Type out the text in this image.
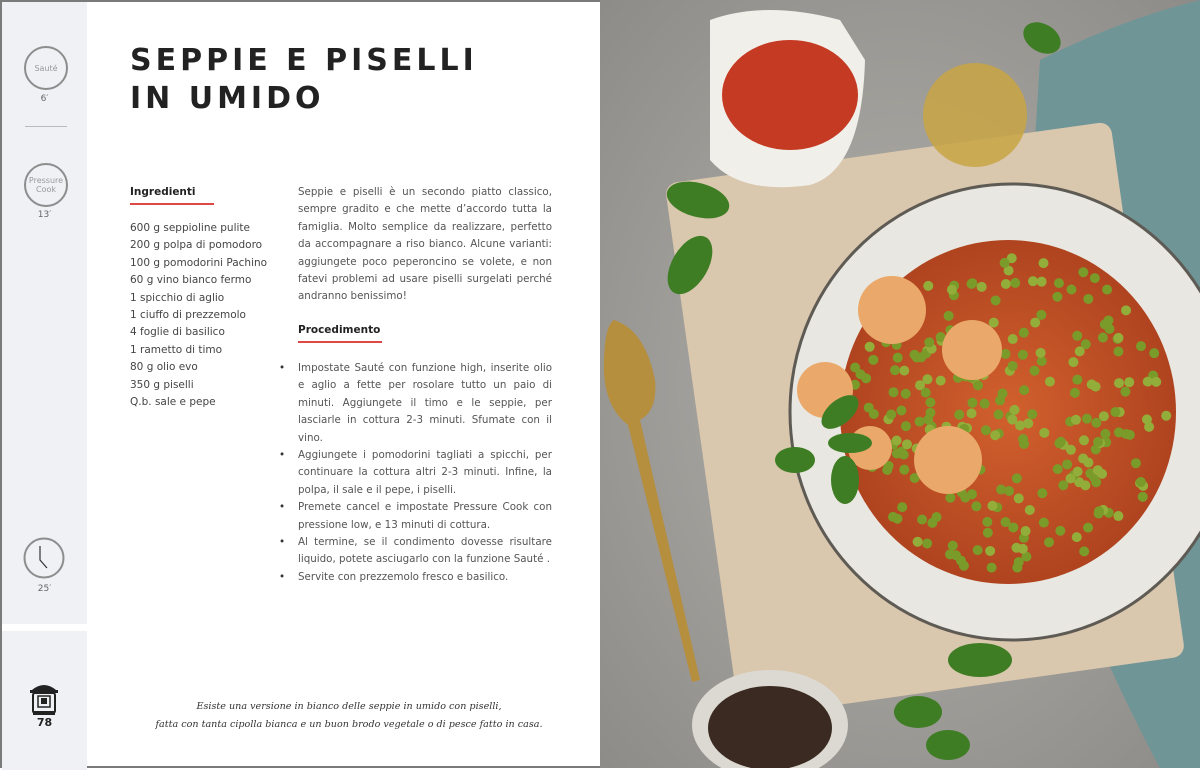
Sauté
6′
Pressure Cook
13′
25′
78
SEPPIE E PISELLI
IN UMIDO
Ingredienti
600 g seppioline pulite
200 g polpa di pomodoro
100 g pomodorini Pachino
60 g vino bianco fermo
1 spicchio di aglio
1 ciuffo di prezzemolo
4 foglie di basilico
1 rametto di timo
80 g olio evo
350 g piselli
Q.b. sale e pepe

Seppie e piselli è un secondo piatto classico, sempre gradito e che mette d’accordo tutta la famiglia. Molto semplice da realizzare, perfetto da accompagnare a riso bianco. Alcune varianti: aggiungete poco peperoncino se volete, e non fatevi problemi ad usare piselli surgelati perché andranno benissimo!

Procedimento
• Impostate Sauté con funzione high, inserite olio e aglio a fette per rosolare tutto un paio di minuti. Aggiungete il timo e le seppie, per lasciarle in cottura 2-3 minuti. Sfumate con il vino.
• Aggiungete i pomodorini tagliati a spicchi, per continuare la cottura altri 2-3 minuti. Infine, la polpa, il sale e il pepe, i piselli.
• Premete cancel e impostate Pressure Cook con pressione low, e 13 minuti di cottura.
• Al termine, se il condimento dovesse risultare liquido, potete asciugarlo con la funzione Sauté .
• Servite con prezzemolo fresco e basilico.
Esiste una versione in bianco delle seppie in umido con piselli,
fatta con tanta cipolla bianca e un buon brodo vegetale o di pesce fatto in casa.
